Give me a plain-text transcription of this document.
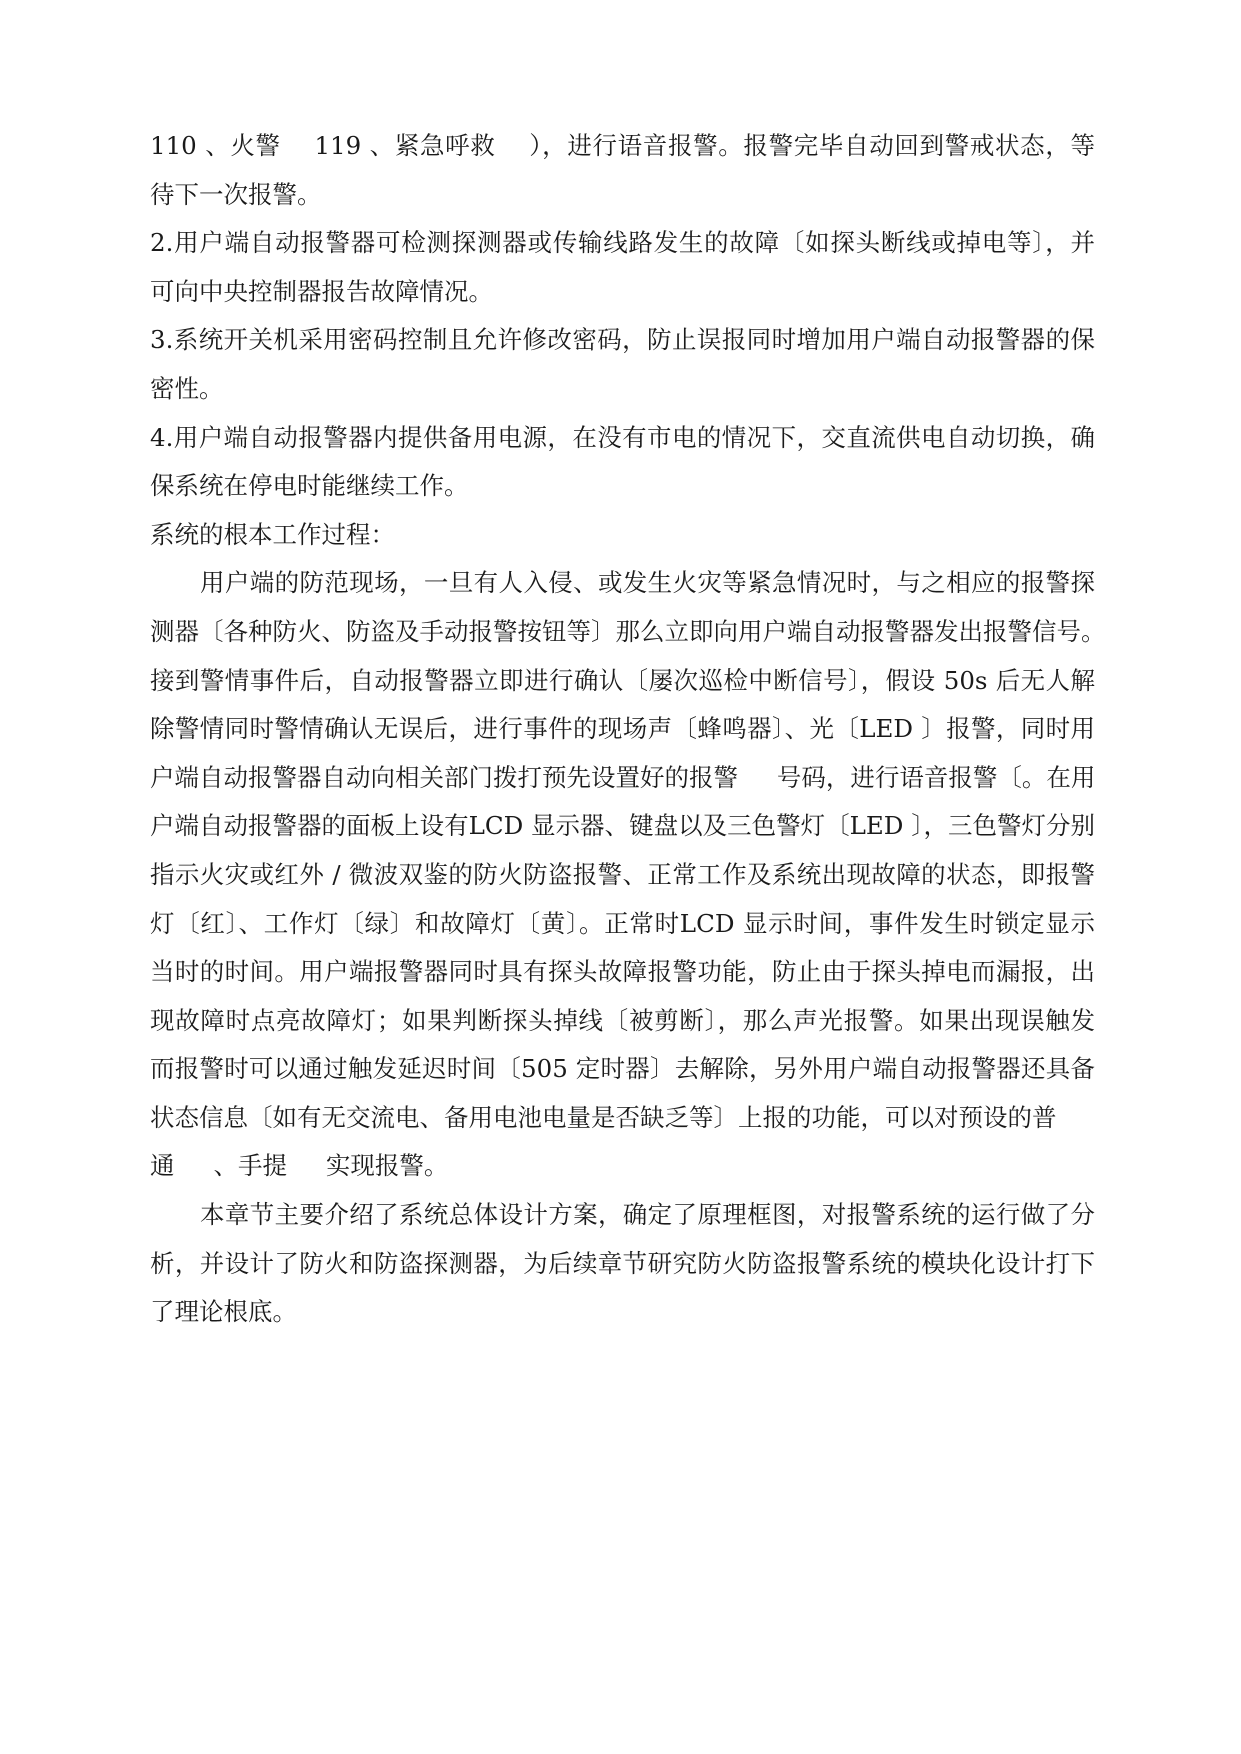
110 、火警    119 、紧急呼救    ），进行语音报警。报警完毕自动回到警戒状态，等
待下一次报警。
2.用户端自动报警器可检测探测器或传输线路发生的故障〔如探头断线或掉电等〕，并
可向中央控制器报告故障情况。
3.系统开关机采用密码控制且允许修改密码，防止误报同时增加用户端自动报警器的保
密性。
4.用户端自动报警器内提供备用电源，在没有市电的情况下，交直流供电自动切换，确
保系统在停电时能继续工作。
系统的根本工作过程：
用户端的防范现场，一旦有人入侵、或发生火灾等紧急情况时，与之相应的报警探
测器〔各种防火、防盗及手动报警按钮等〕那么立即向用户端自动报警器发出报警信号。
接到警情事件后，自动报警器立即进行确认〔屡次巡检中断信号〕，假设 50s 后无人解
除警情同时警情确认无误后，进行事件的现场声〔蜂鸣器〕、光〔LED 〕报警，同时用
户端自动报警器自动向相关部门拨打预先设置好的报警     号码，进行语音报警〔。在用
户端自动报警器的面板上设有LCD 显示器、键盘以及三色警灯〔LED 〕，三色警灯分别
指示火灾或红外 / 微波双鉴的防火防盗报警、正常工作及系统出现故障的状态，即报警
灯〔红〕、工作灯〔绿〕和故障灯〔黄〕。正常时LCD 显示时间，事件发生时锁定显示
当时的时间。用户端报警器同时具有探头故障报警功能，防止由于探头掉电而漏报，出
现故障时点亮故障灯；如果判断探头掉线〔被剪断〕，那么声光报警。如果出现误触发
而报警时可以通过触发延迟时间〔505 定时器〕去解除，另外用户端自动报警器还具备
状态信息〔如有无交流电、备用电池电量是否缺乏等〕上报的功能，可以对预设的普
通     、手提     实现报警。
本章节主要介绍了系统总体设计方案，确定了原理框图，对报警系统的运行做了分
析，并设计了防火和防盗探测器，为后续章节研究防火防盗报警系统的模块化设计打下
了理论根底。
